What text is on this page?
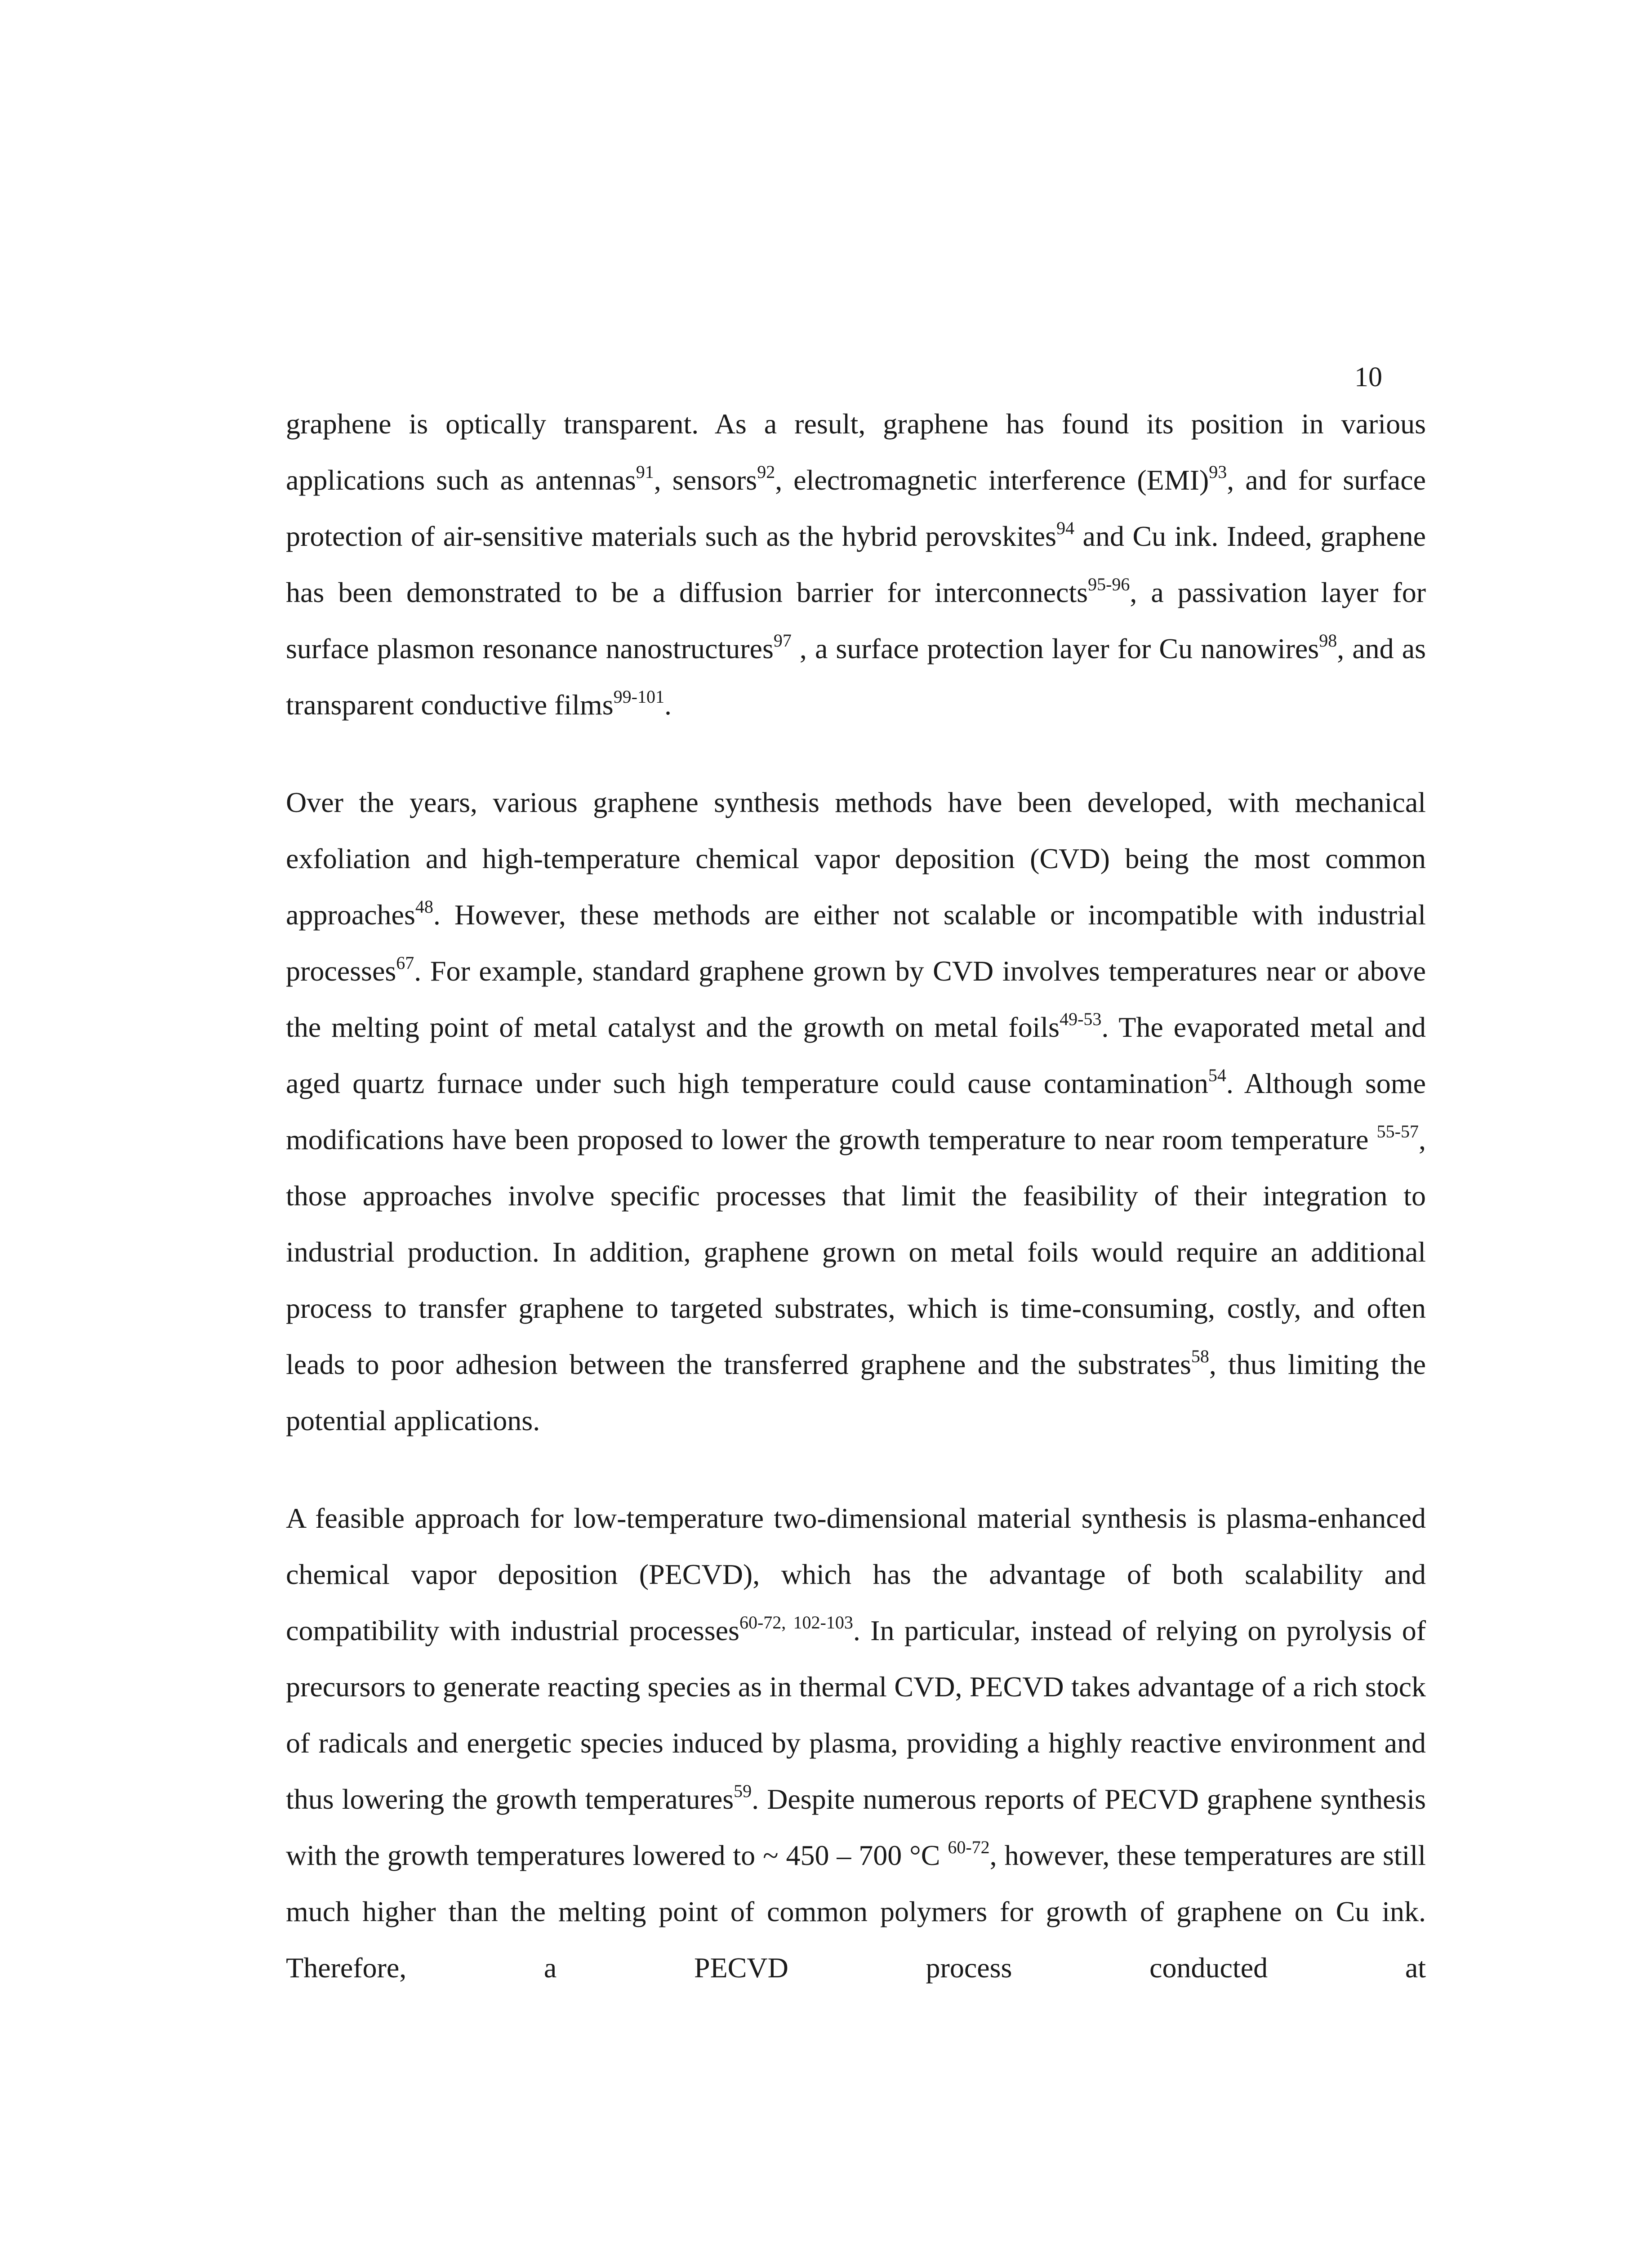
10

graphene is optically transparent. As a result, graphene has found its position in various applications such as antennas$^{91}$, sensors$^{92}$, electromagnetic interference (EMI)$^{93}$, and for surface protection of air-sensitive materials such as the hybrid perovskites$^{94}$ and Cu ink. Indeed, graphene has been demonstrated to be a diffusion barrier for interconnects$^{95-96}$, a passivation layer for surface plasmon resonance nanostructures$^{97}$ , a surface protection layer for Cu nanowires$^{98}$, and as transparent conductive films$^{99-101}$.

Over the years, various graphene synthesis methods have been developed, with mechanical exfoliation and high-temperature chemical vapor deposition (CVD) being the most common approaches$^{48}$. However, these methods are either not scalable or incompatible with industrial processes$^{67}$. For example, standard graphene grown by CVD involves temperatures near or above the melting point of metal catalyst and the growth on metal foils$^{49-53}$. The evaporated metal and aged quartz furnace under such high temperature could cause contamination$^{54}$. Although some modifications have been proposed to lower the growth temperature to near room temperature $^{55-57}$, those approaches involve specific processes that limit the feasibility of their integration to industrial production. In addition, graphene grown on metal foils would require an additional process to transfer graphene to targeted substrates, which is time-consuming, costly, and often leads to poor adhesion between the transferred graphene and the substrates$^{58}$, thus limiting the potential applications.

A feasible approach for low-temperature two-dimensional material synthesis is plasma-enhanced chemical vapor deposition (PECVD), which has the advantage of both scalability and compatibility with industrial processes$^{60-72, 102-103}$. In particular, instead of relying on pyrolysis of precursors to generate reacting species as in thermal CVD, PECVD takes advantage of a rich stock of radicals and energetic species induced by plasma, providing a highly reactive environment and thus lowering the growth temperatures$^{59}$. Despite numerous reports of PECVD graphene synthesis with the growth temperatures lowered to ~ 450 – 700 °C $^{60-72}$, however, these temperatures are still much higher than the melting point of common polymers for growth of graphene on Cu ink. Therefore, a PECVD process conducted at
